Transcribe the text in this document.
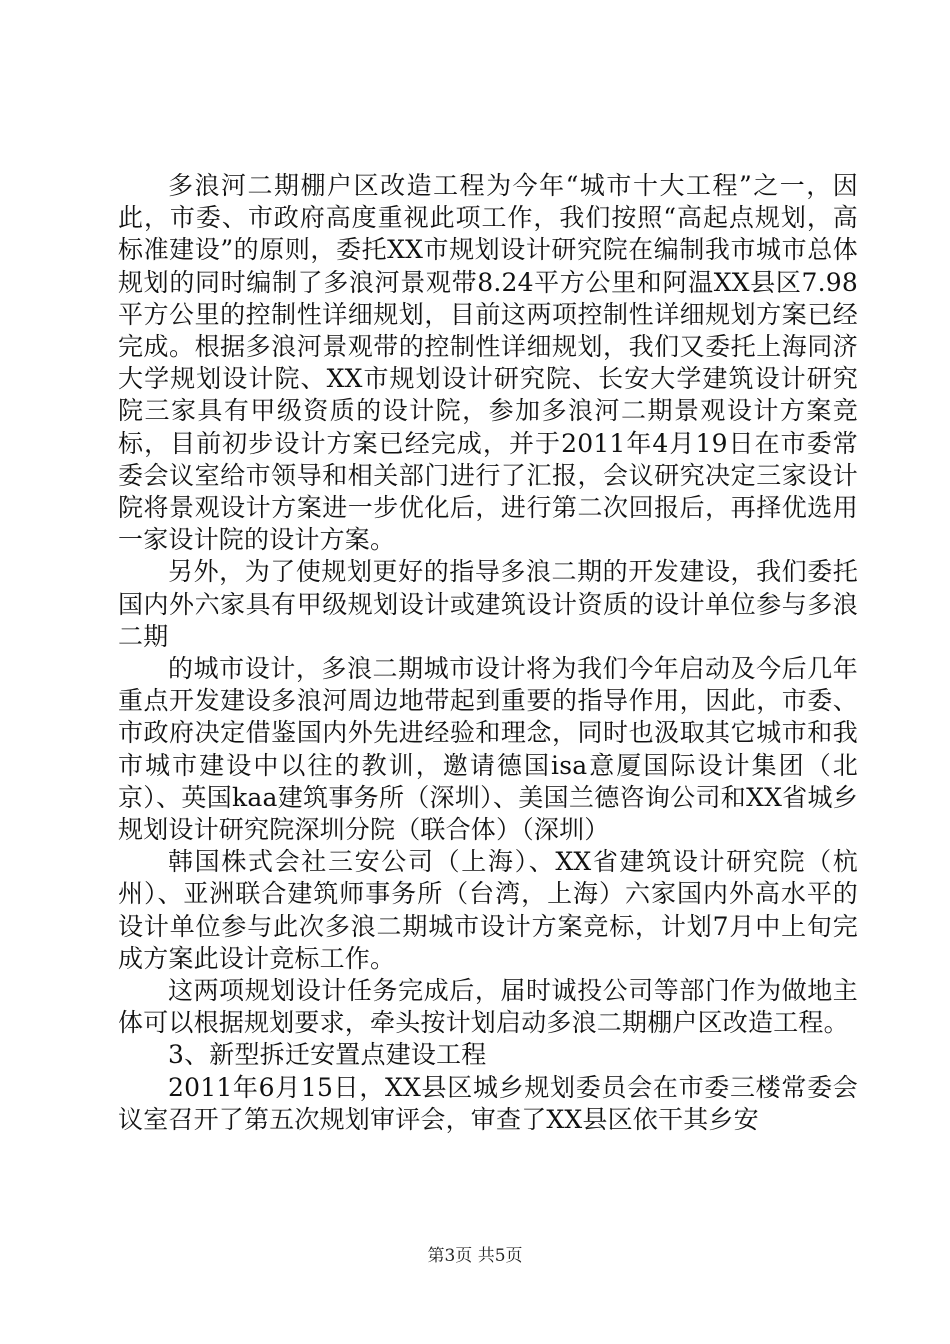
多浪河二期棚户区改造工程为今年“城市十大工程”之一，因此，市委、市政府高度重视此项工作，我们按照“高起点规划，高标准建设”的原则，委托XX市规划设计研究院在编制我市城市总体规划的同时编制了多浪河景观带8.24平方公里和阿温XX县区7.98平方公里的控制性详细规划，目前这两项控制性详细规划方案已经完成。根据多浪河景观带的控制性详细规划，我们又委托上海同济大学规划设计院、XX市规划设计研究院、长安大学建筑设计研究院三家具有甲级资质的设计院，参加多浪河二期景观设计方案竞标，目前初步设计方案已经完成，并于2011年4月19日在市委常委会议室给市领导和相关部门进行了汇报，会议研究决定三家设计院将景观设计方案进一步优化后，进行第二次回报后，再择优选用一家设计院的设计方案。

另外，为了使规划更好的指导多浪二期的开发建设，我们委托国内外六家具有甲级规划设计或建筑设计资质的设计单位参与多浪二期

的城市设计，多浪二期城市设计将为我们今年启动及今后几年重点开发建设多浪河周边地带起到重要的指导作用，因此，市委、市政府决定借鉴国内外先进经验和理念，同时也汲取其它城市和我市城市建设中以往的教训，邀请德国isa意厦国际设计集团（北京）、英国kaa建筑事务所（深圳）、美国兰德咨询公司和XX省城乡规划设计研究院深圳分院（联合体）（深圳）

韩国株式会社三安公司（上海）、XX省建筑设计研究院（杭州）、亚洲联合建筑师事务所（台湾，上海）六家国内外高水平的设计单位参与此次多浪二期城市设计方案竞标，计划7月中上旬完成方案此设计竞标工作。

这两项规划设计任务完成后，届时诚投公司等部门作为做地主体可以根据规划要求，牵头按计划启动多浪二期棚户区改造工程。

3、新型拆迁安置点建设工程

2011年6月15日，XX县区城乡规划委员会在市委三楼常委会议室召开了第五次规划审评会，审查了XX县区依干其乡安

第3页 共5页
